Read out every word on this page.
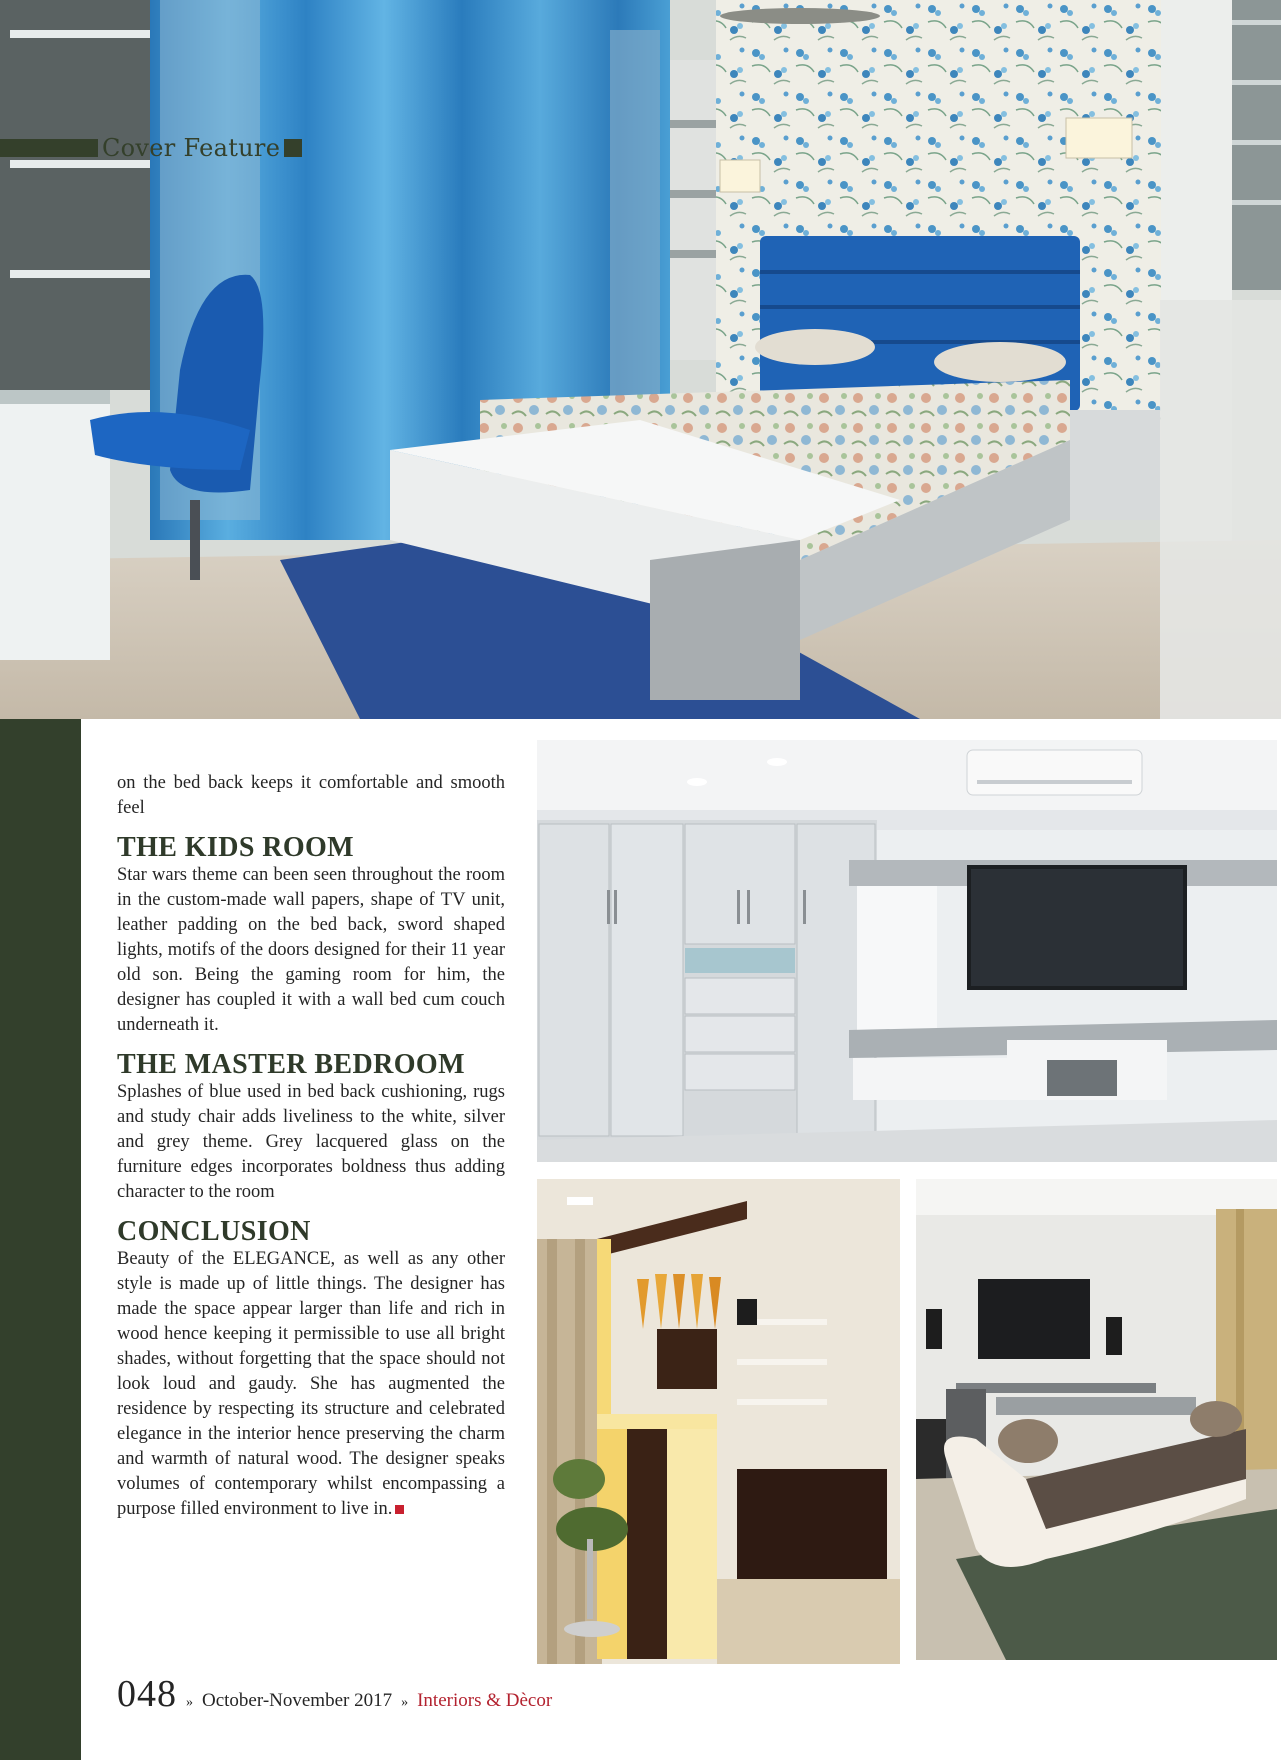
Cover Feature

on the bed back keeps it comfortable and smooth feel

THE KIDS ROOM

Star wars theme can been seen throughout the room in the custom-made wall papers, shape of TV unit, leather padding on the bed back, sword shaped lights, motifs of the doors designed for their 11 year old son. Being the gaming room for him, the designer has coupled it with a wall bed cum couch underneath it.

THE MASTER BEDROOM

Splashes of blue used in bed back cushioning, rugs and study chair adds liveliness to the white, silver and grey theme. Grey lacquered glass on the furniture edges incorporates boldness thus adding character to the room

CONCLUSION

Beauty of the ELEGANCE, as well as any other style is made up of little things. The designer has made the space appear larger than life and rich in wood hence keeping it permissible to use all bright shades, without forgetting that the space should not look loud and gaudy. She has augmented the residence by respecting its structure and celebrated elegance in the interior hence preserving the charm and warmth of natural wood. The designer speaks volumes of contemporary whilst encompassing a purpose filled environment to live in.

048 » October-November 2017 » Interiors & Dècor
